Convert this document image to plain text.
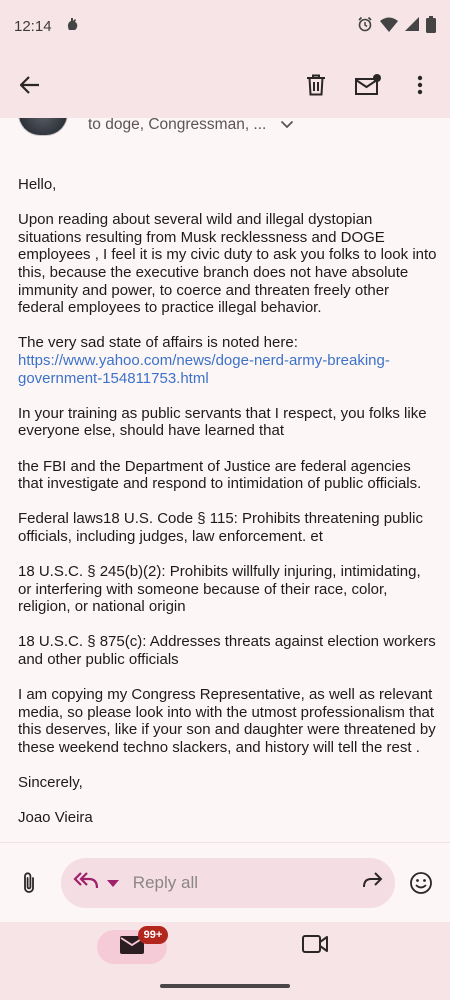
12:14
to doge, Congressman, ...

Hello,

Upon reading about several wild and illegal dystopian situations resulting from Musk recklessness and DOGE employees , I feel it is my civic duty to ask you folks to look into this, because the executive branch does not have absolute immunity and power, to coerce and threaten freely other federal employees to practice illegal behavior.

The very sad state of affairs is noted here:
https://www.yahoo.com/news/doge-nerd-army-breaking-government-154811753.html

In your training as public servants that I respect, you folks like everyone else, should have learned that

the FBI and the Department of Justice are federal agencies that investigate and respond to intimidation of public officials.

Federal laws18 U.S. Code § 115: Prohibits threatening public officials, including judges, law enforcement. et

18 U.S.C. § 245(b)(2): Prohibits willfully injuring, intimidating, or interfering with someone because of their race, color, religion, or national origin

18 U.S.C. § 875(c): Addresses threats against election workers and other public officials

I am copying my Congress Representative, as well as relevant media, so please look into with the utmost professionalism that this deserves, like if your son and daughter were threatened by these weekend techno slackers, and history will tell the rest .

Sincerely,

Joao Vieira

Reply all
99+
